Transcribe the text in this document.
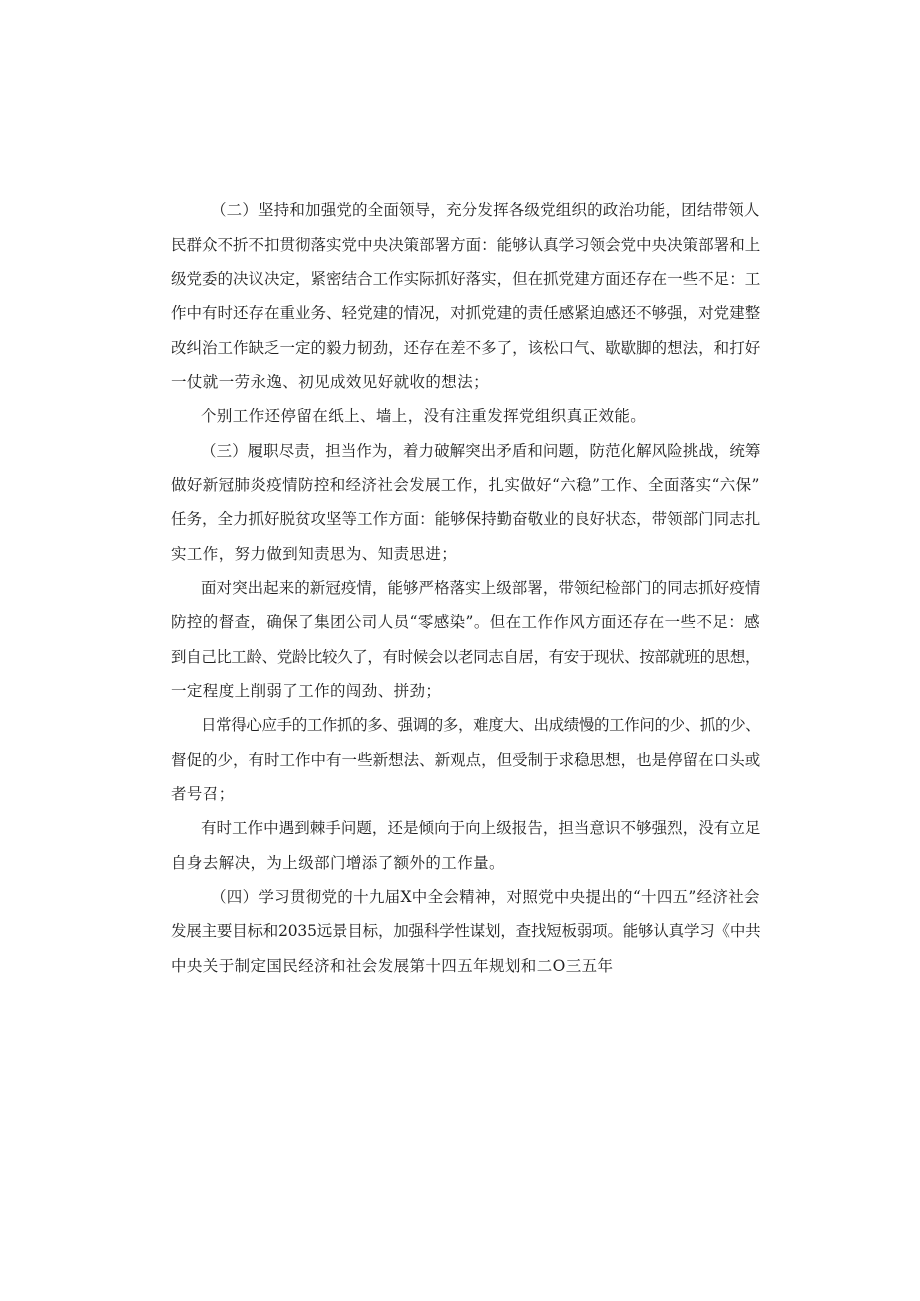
（二）坚持和加强党的全面领导，充分发挥各级党组织的政治功能，团结带领人
民群众不折不扣贯彻落实党中央决策部署方面：能够认真学习领会党中央决策部署和上
级党委的决议决定，紧密结合工作实际抓好落实，但在抓党建方面还存在一些不足：工
作中有时还存在重业务、轻党建的情况，对抓党建的责任感紧迫感还不够强，对党建整
改纠治工作缺乏一定的毅力韧劲，还存在差不多了，该松口气、歇歇脚的想法，和打好
一仗就一劳永逸、初见成效见好就收的想法；
个别工作还停留在纸上、墙上，没有注重发挥党组织真正效能。
（三）履职尽责，担当作为，着力破解突出矛盾和问题，防范化解风险挑战，统筹
做好新冠肺炎疫情防控和经济社会发展工作，扎实做好“六稳”工作、全面落实“六保”
任务，全力抓好脱贫攻坚等工作方面：能够保持勤奋敬业的良好状态，带领部门同志扎
实工作，努力做到知责思为、知责思进；
面对突出起来的新冠疫情，能够严格落实上级部署，带领纪检部门的同志抓好疫情
防控的督查，确保了集团公司人员“零感染”。但在工作作风方面还存在一些不足：感
到自己比工龄、党龄比较久了，有时候会以老同志自居，有安于现状、按部就班的思想，
一定程度上削弱了工作的闯劲、拼劲；
日常得心应手的工作抓的多、强调的多，难度大、出成绩慢的工作问的少、抓的少、
督促的少，有时工作中有一些新想法、新观点，但受制于求稳思想，也是停留在口头或
者号召；
有时工作中遇到棘手问题，还是倾向于向上级报告，担当意识不够强烈，没有立足
自身去解决，为上级部门增添了额外的工作量。
（四）学习贯彻党的十九届X中全会精神，对照党中央提出的“十四五”经济社会
发展主要目标和2035远景目标，加强科学性谋划，查找短板弱项。能够认真学习《中共
中央关于制定国民经济和社会发展第十四五年规划和二O三五年
